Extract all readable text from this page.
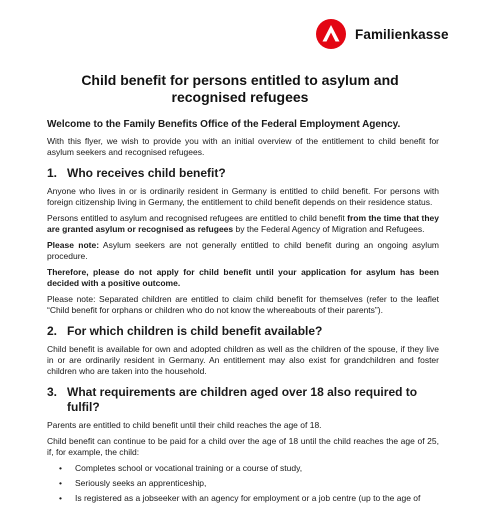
Familienkasse
Child benefit for persons entitled to asylum and
recognised refugees
Welcome to the Family Benefits Office of the Federal Employment Agency.

With this flyer, we wish to provide you with an initial overview of the entitlement to child benefit for asylum seekers and recognised refugees.

1. Who receives child benefit?

Anyone who lives in or is ordinarily resident in Germany is entitled to child benefit. For persons with foreign citizenship living in Germany, the entitlement to child benefit depends on their residence status.

Persons entitled to asylum and recognised refugees are entitled to child benefit from the time that they are granted asylum or recognised as refugees by the Federal Agency of Migration and Refugees.

Please note: Asylum seekers are not generally entitled to child benefit during an ongoing asylum procedure.

Therefore, please do not apply for child benefit until your application for asylum has been decided with a positive outcome.

Please note: Separated children are entitled to claim child benefit for themselves (refer to the leaflet “Child benefit for orphans or children who do not know the whereabouts of their parents”).

2. For which children is child benefit available?

Child benefit is available for own and adopted children as well as the children of the spouse, if they live in or are ordinarily resident in Germany. An entitlement may also exist for grandchildren and foster children who are taken into the household.

3. What requirements are children aged over 18 also required to fulfil?

Parents are entitled to child benefit until their child reaches the age of 18.

Child benefit can continue to be paid for a child over the age of 18 until the child reaches the age of 25, if, for example, the child:

• Completes school or vocational training or a course of study,
• Seriously seeks an apprenticeship,
• Is registered as a jobseeker with an agency for employment or a job centre (up to the age of
